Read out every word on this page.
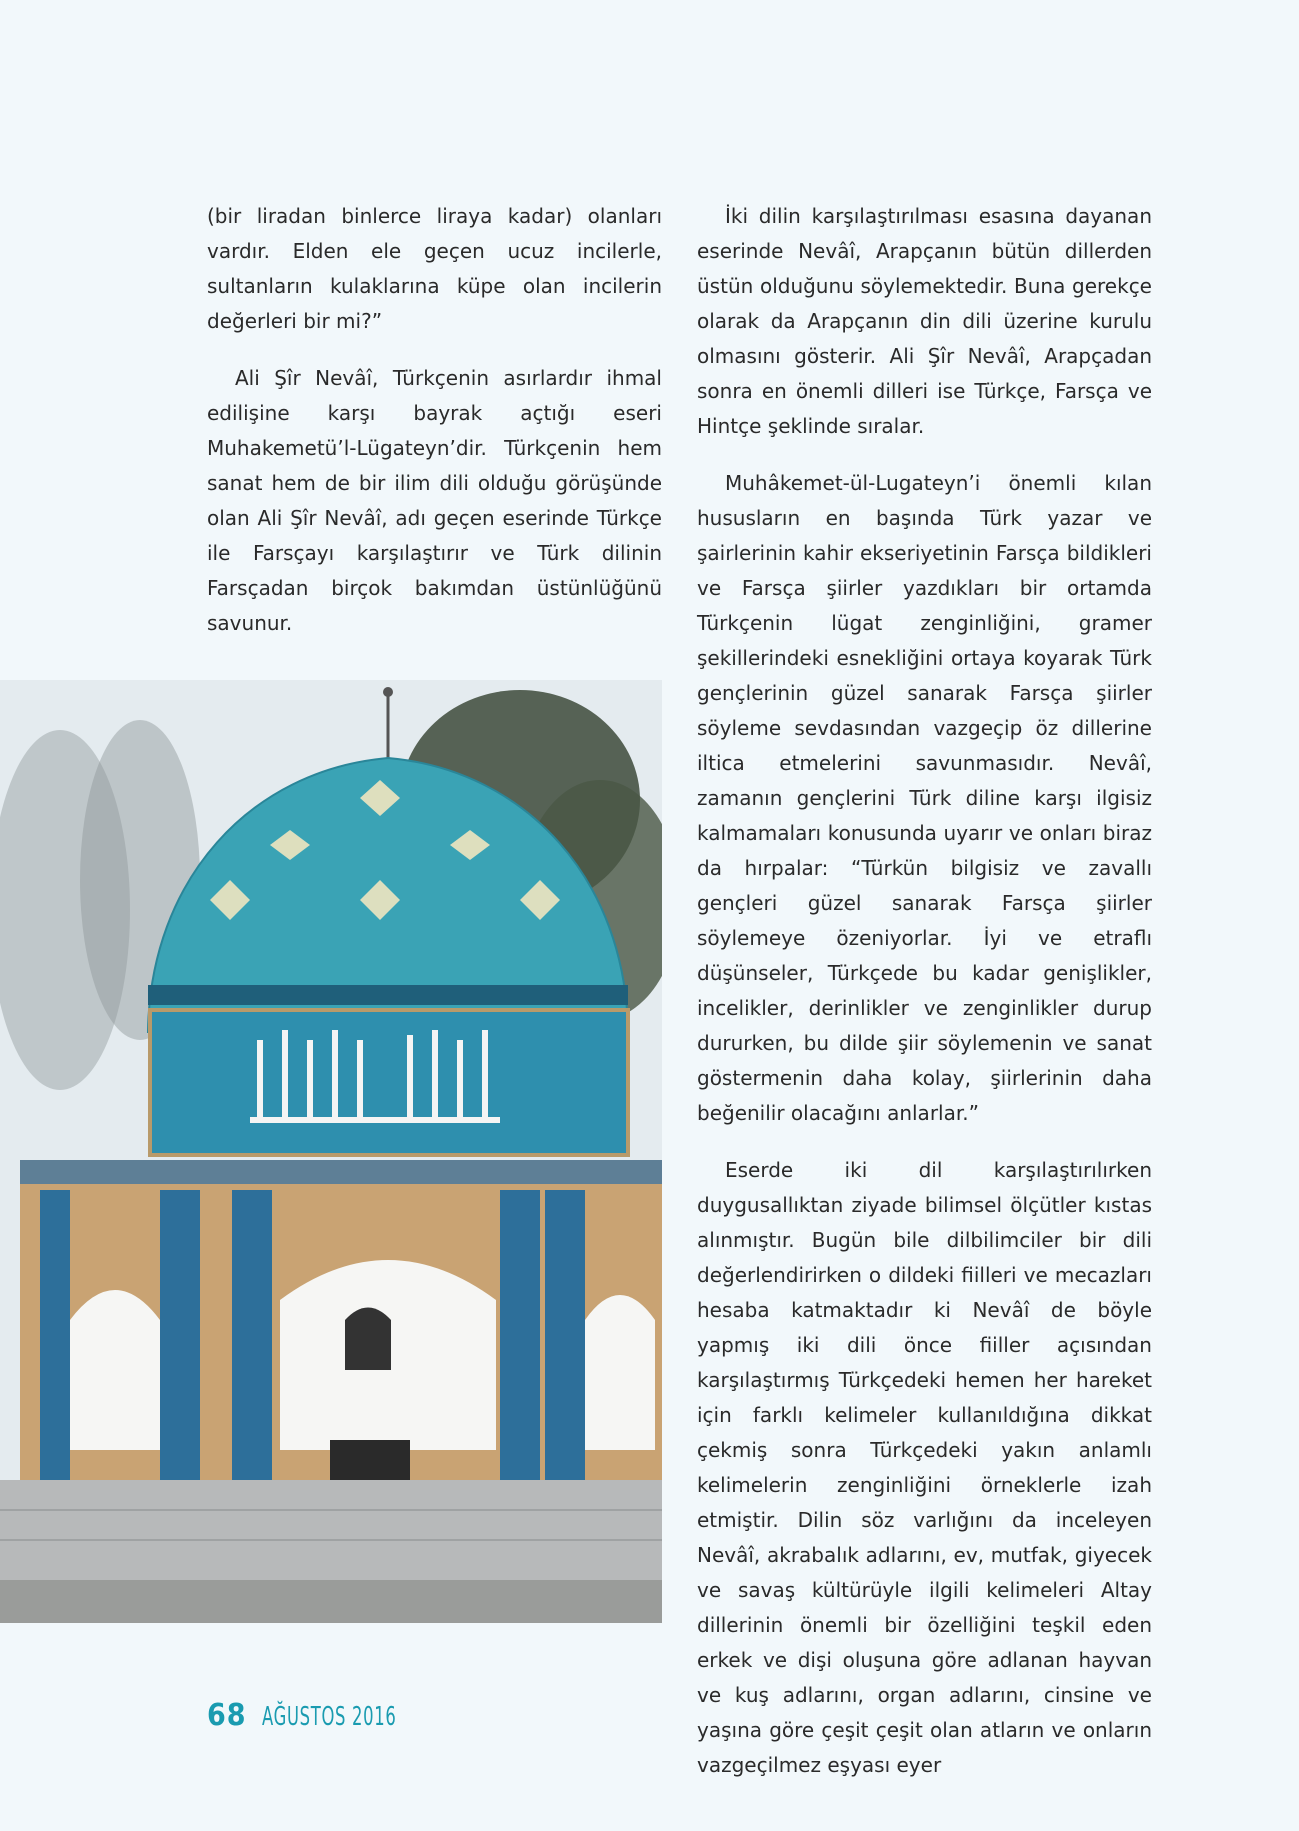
(bir liradan binlerce liraya kadar) olanları vardır. Elden ele geçen ucuz incilerle, sultanların kulaklarına küpe olan incilerin değerleri bir mi?”

Ali Şîr Nevâî, Türkçenin asırlardır ihmal edilişine karşı bayrak açtığı eseri Muhakemetü’l-Lügateyn’dir. Türkçenin hem sanat hem de bir ilim dili olduğu görüşünde olan Ali Şîr Nevâî, adı geçen eserinde Türkçe ile Farsçayı karşılaştırır ve Türk dilinin Farsçadan birçok bakımdan üstünlüğünü savunur.

İki dilin karşılaştırılması esasına dayanan eserinde Nevâî, Arapçanın bütün dillerden üstün olduğunu söylemektedir. Buna gerekçe olarak da Arapçanın din dili üzerine kurulu olmasını gösterir. Ali Şîr Nevâî, Arapçadan sonra en önemli dilleri ise Türkçe, Farsça ve Hintçe şeklinde sıralar.

Muhâkemet-ül-Lugateyn’i önemli kılan hususların en başında Türk yazar ve şairlerinin kahir ekseriyetinin Farsça bildikleri ve Farsça şiirler yazdıkları bir ortamda Türkçenin lügat zenginliğini, gramer şekillerindeki esnekliğini ortaya koyarak Türk gençlerinin güzel sanarak Farsça şiirler söyleme sevdasından vazgeçip öz dillerine iltica etmelerini savunmasıdır. Nevâî, zamanın gençlerini Türk diline karşı ilgisiz kalmamaları konusunda uyarır ve onları biraz da hırpalar: “Türkün bilgisiz ve zavallı gençleri güzel sanarak Farsça şiirler söylemeye özeniyorlar. İyi ve etraflı düşünseler, Türkçede bu kadar genişlikler, incelikler, derinlikler ve zenginlikler durup dururken, bu dilde şiir söylemenin ve sanat göstermenin daha kolay, şiirlerinin daha beğenilir olacağını anlarlar.”

Eserde iki dil karşılaştırılırken duygusallıktan ziyade bilimsel ölçütler kıstas alınmıştır. Bugün bile dilbilimciler bir dili değerlendirirken o dildeki fiilleri ve mecazları hesaba katmaktadır ki Nevâî de böyle yapmış iki dili önce fiiller açısından karşılaştırmış Türkçedeki hemen her hareket için farklı kelimeler kullanıldığına dikkat çekmiş sonra Türkçedeki yakın anlamlı kelimelerin zenginliğini örneklerle izah etmiştir. Dilin söz varlığını da inceleyen Nevâî, akrabalık adlarını, ev, mutfak, giyecek ve savaş kültürüyle ilgili kelimeleri Altay dillerinin önemli bir özelliğini teşkil eden erkek ve dişi oluşuna göre adlanan hayvan ve kuş adlarını, organ adlarını, cinsine ve yaşına göre çeşit çeşit olan atların ve onların vazgeçilmez eşyası eyer

68 AĞUSTOS 2016
